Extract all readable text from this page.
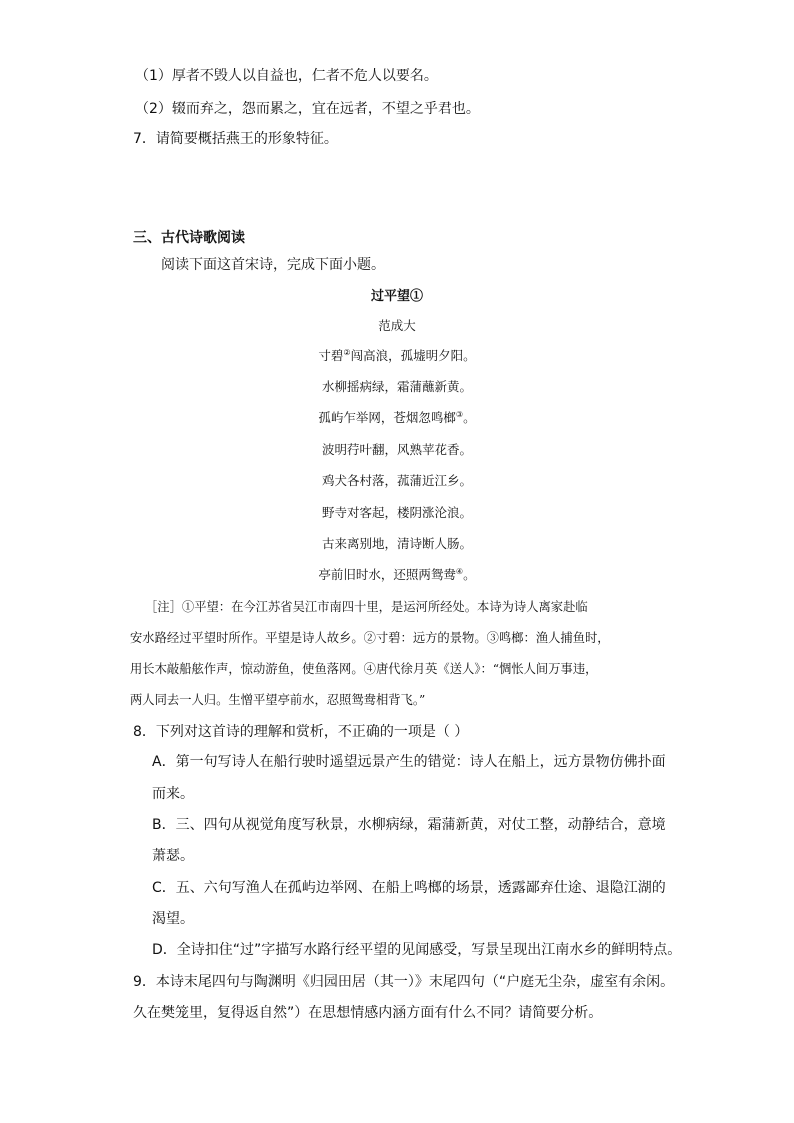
（1）厚者不毁人以自益也，仁者不危人以要名。
（2）辍而弃之，怨而累之，宜在远者，不望之乎君也。
7．请简要概括燕王的形象特征。
三、古代诗歌阅读
阅读下面这首宋诗，完成下面小题。
过平望①
范成大
寸碧②闯高浪，孤墟明夕阳。
水柳摇病绿，霜蒲蘸新黄。
孤屿乍举网，苍烟忽鸣榔③。
波明荇叶翻，风熟苹花香。
鸡犬各村落，菰蒲近江乡。
野寺对客起，楼阴涨沦浪。
古来离别地，清诗断人肠。
亭前旧时水，还照两鸳鸯④。
［注］①平望：在今江苏省吴江市南四十里，是运河所经处。本诗为诗人离家赴临
安水路经过平望时所作。平望是诗人故乡。②寸碧：远方的景物。③鸣榔：渔人捕鱼时，
用长木敲船舷作声，惊动游鱼，使鱼落网。④唐代徐月英《送人》：“惆怅人间万事违，
两人同去一人归。生憎平望亭前水，忍照鸳鸯相背飞。”
8．下列对这首诗的理解和赏析，不正确的一项是（ ）
A．第一句写诗人在船行驶时遥望远景产生的错觉：诗人在船上，远方景物仿佛扑面
而来。
B．三、四句从视觉角度写秋景，水柳病绿，霜蒲新黄，对仗工整，动静结合，意境
萧瑟。
C．五、六句写渔人在孤屿边举网、在船上鸣榔的场景，透露鄙弃仕途、退隐江湖的
渴望。
D．全诗扣住“过”字描写水路行经平望的见闻感受，写景呈现出江南水乡的鲜明特点。
9．本诗末尾四句与陶渊明《归园田居（其一）》末尾四句（“户庭无尘杂，虚室有余闲。
久在樊笼里，复得返自然”）在思想情感内涵方面有什么不同？请简要分析。
